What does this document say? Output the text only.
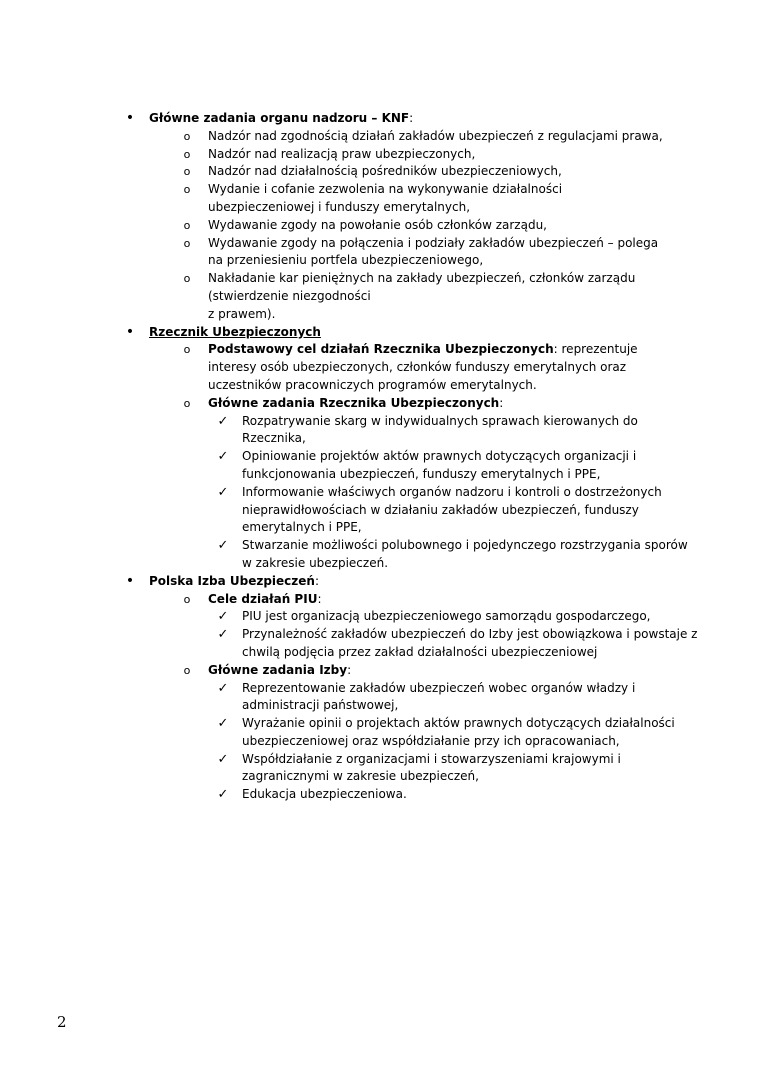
• Główne zadania organu nadzoru – KNF:
o Nadzór nad zgodnością działań zakładów ubezpieczeń z regulacjami prawa,
o Nadzór nad realizacją praw ubezpieczonych,
o Nadzór nad działalnością pośredników ubezpieczeniowych,
o Wydanie i cofanie zezwolenia na wykonywanie działalności ubezpieczeniowej i funduszy emerytalnych,
o Wydawanie zgody na powołanie osób członków zarządu,
o Wydawanie zgody na połączenia i podziały zakładów ubezpieczeń – polega na przeniesieniu portfela ubezpieczeniowego,
o Nakładanie kar pieniężnych na zakłady ubezpieczeń, członków zarządu (stwierdzenie niezgodności
z prawem).
• Rzecznik Ubezpieczonych
o Podstawowy cel działań Rzecznika Ubezpieczonych: reprezentuje interesy osób ubezpieczonych, członków funduszy emerytalnych oraz uczestników pracowniczych programów emerytalnych.
o Główne zadania Rzecznika Ubezpieczonych:
✓ Rozpatrywanie skarg w indywidualnych sprawach kierowanych do Rzecznika,
✓ Opiniowanie projektów aktów prawnych dotyczących organizacji i funkcjonowania ubezpieczeń, funduszy emerytalnych i PPE,
✓ Informowanie właściwych organów nadzoru i kontroli o dostrzeżonych nieprawidłowościach w działaniu zakładów ubezpieczeń, funduszy emerytalnych i PPE,
✓ Stwarzanie możliwości polubownego i pojedynczego rozstrzygania sporów w zakresie ubezpieczeń.
• Polska Izba Ubezpieczeń:
o Cele działań PIU:
✓ PIU jest organizacją ubezpieczeniowego samorządu gospodarczego,
✓ Przynależność zakładów ubezpieczeń do Izby jest obowiązkowa i powstaje z chwilą podjęcia przez zakład działalności ubezpieczeniowej
o Główne zadania Izby:
✓ Reprezentowanie zakładów ubezpieczeń wobec organów władzy i administracji państwowej,
✓ Wyrażanie opinii o projektach aktów prawnych dotyczących działalności ubezpieczeniowej oraz współdziałanie przy ich opracowaniach,
✓ Współdziałanie z organizacjami i stowarzyszeniami krajowymi i zagranicznymi w zakresie ubezpieczeń,
✓ Edukacja ubezpieczeniowa.
2
